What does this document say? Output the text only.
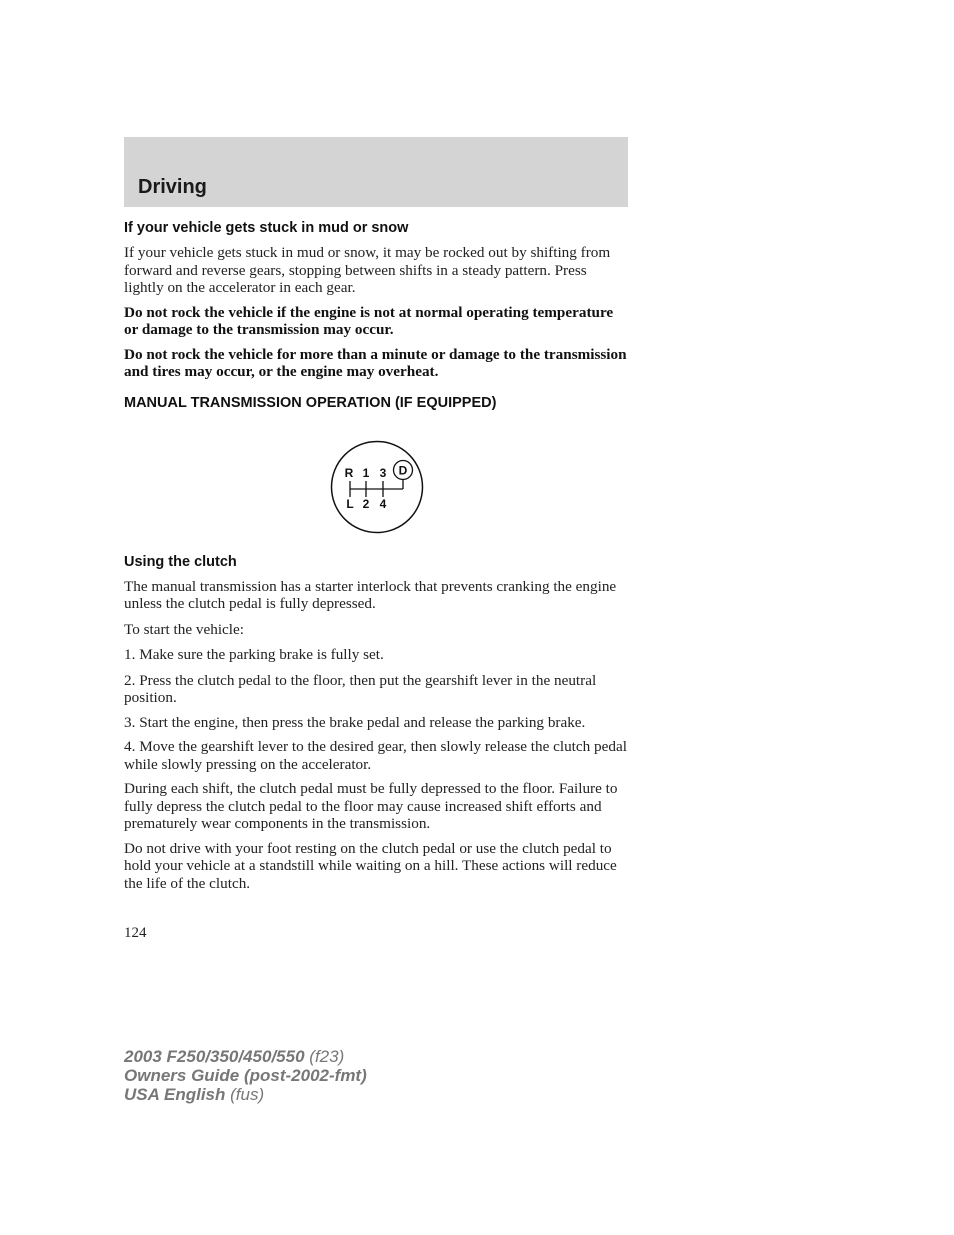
Driving

If your vehicle gets stuck in mud or snow

If your vehicle gets stuck in mud or snow, it may be rocked out by shifting from forward and reverse gears, stopping between shifts in a steady pattern. Press lightly on the accelerator in each gear.

Do not rock the vehicle if the engine is not at normal operating temperature or damage to the transmission may occur.

Do not rock the vehicle for more than a minute or damage to the transmission and tires may occur, or the engine may overheat.

MANUAL TRANSMISSION OPERATION (IF EQUIPPED)

Using the clutch

The manual transmission has a starter interlock that prevents cranking the engine unless the clutch pedal is fully depressed.

To start the vehicle:

1. Make sure the parking brake is fully set.

2. Press the clutch pedal to the floor, then put the gearshift lever in the neutral position.

3. Start the engine, then press the brake pedal and release the parking brake.

4. Move the gearshift lever to the desired gear, then slowly release the clutch pedal while slowly pressing on the accelerator.

During each shift, the clutch pedal must be fully depressed to the floor. Failure to fully depress the clutch pedal to the floor may cause increased shift efforts and prematurely wear components in the transmission.

Do not drive with your foot resting on the clutch pedal or use the clutch pedal to hold your vehicle at a standstill while waiting on a hill. These actions will reduce the life of the clutch.

R 1 3 D
L 2 4
124
2003 F250/350/450/550 (f23)
Owners Guide (post-2002-fmt)
USA English (fus)
